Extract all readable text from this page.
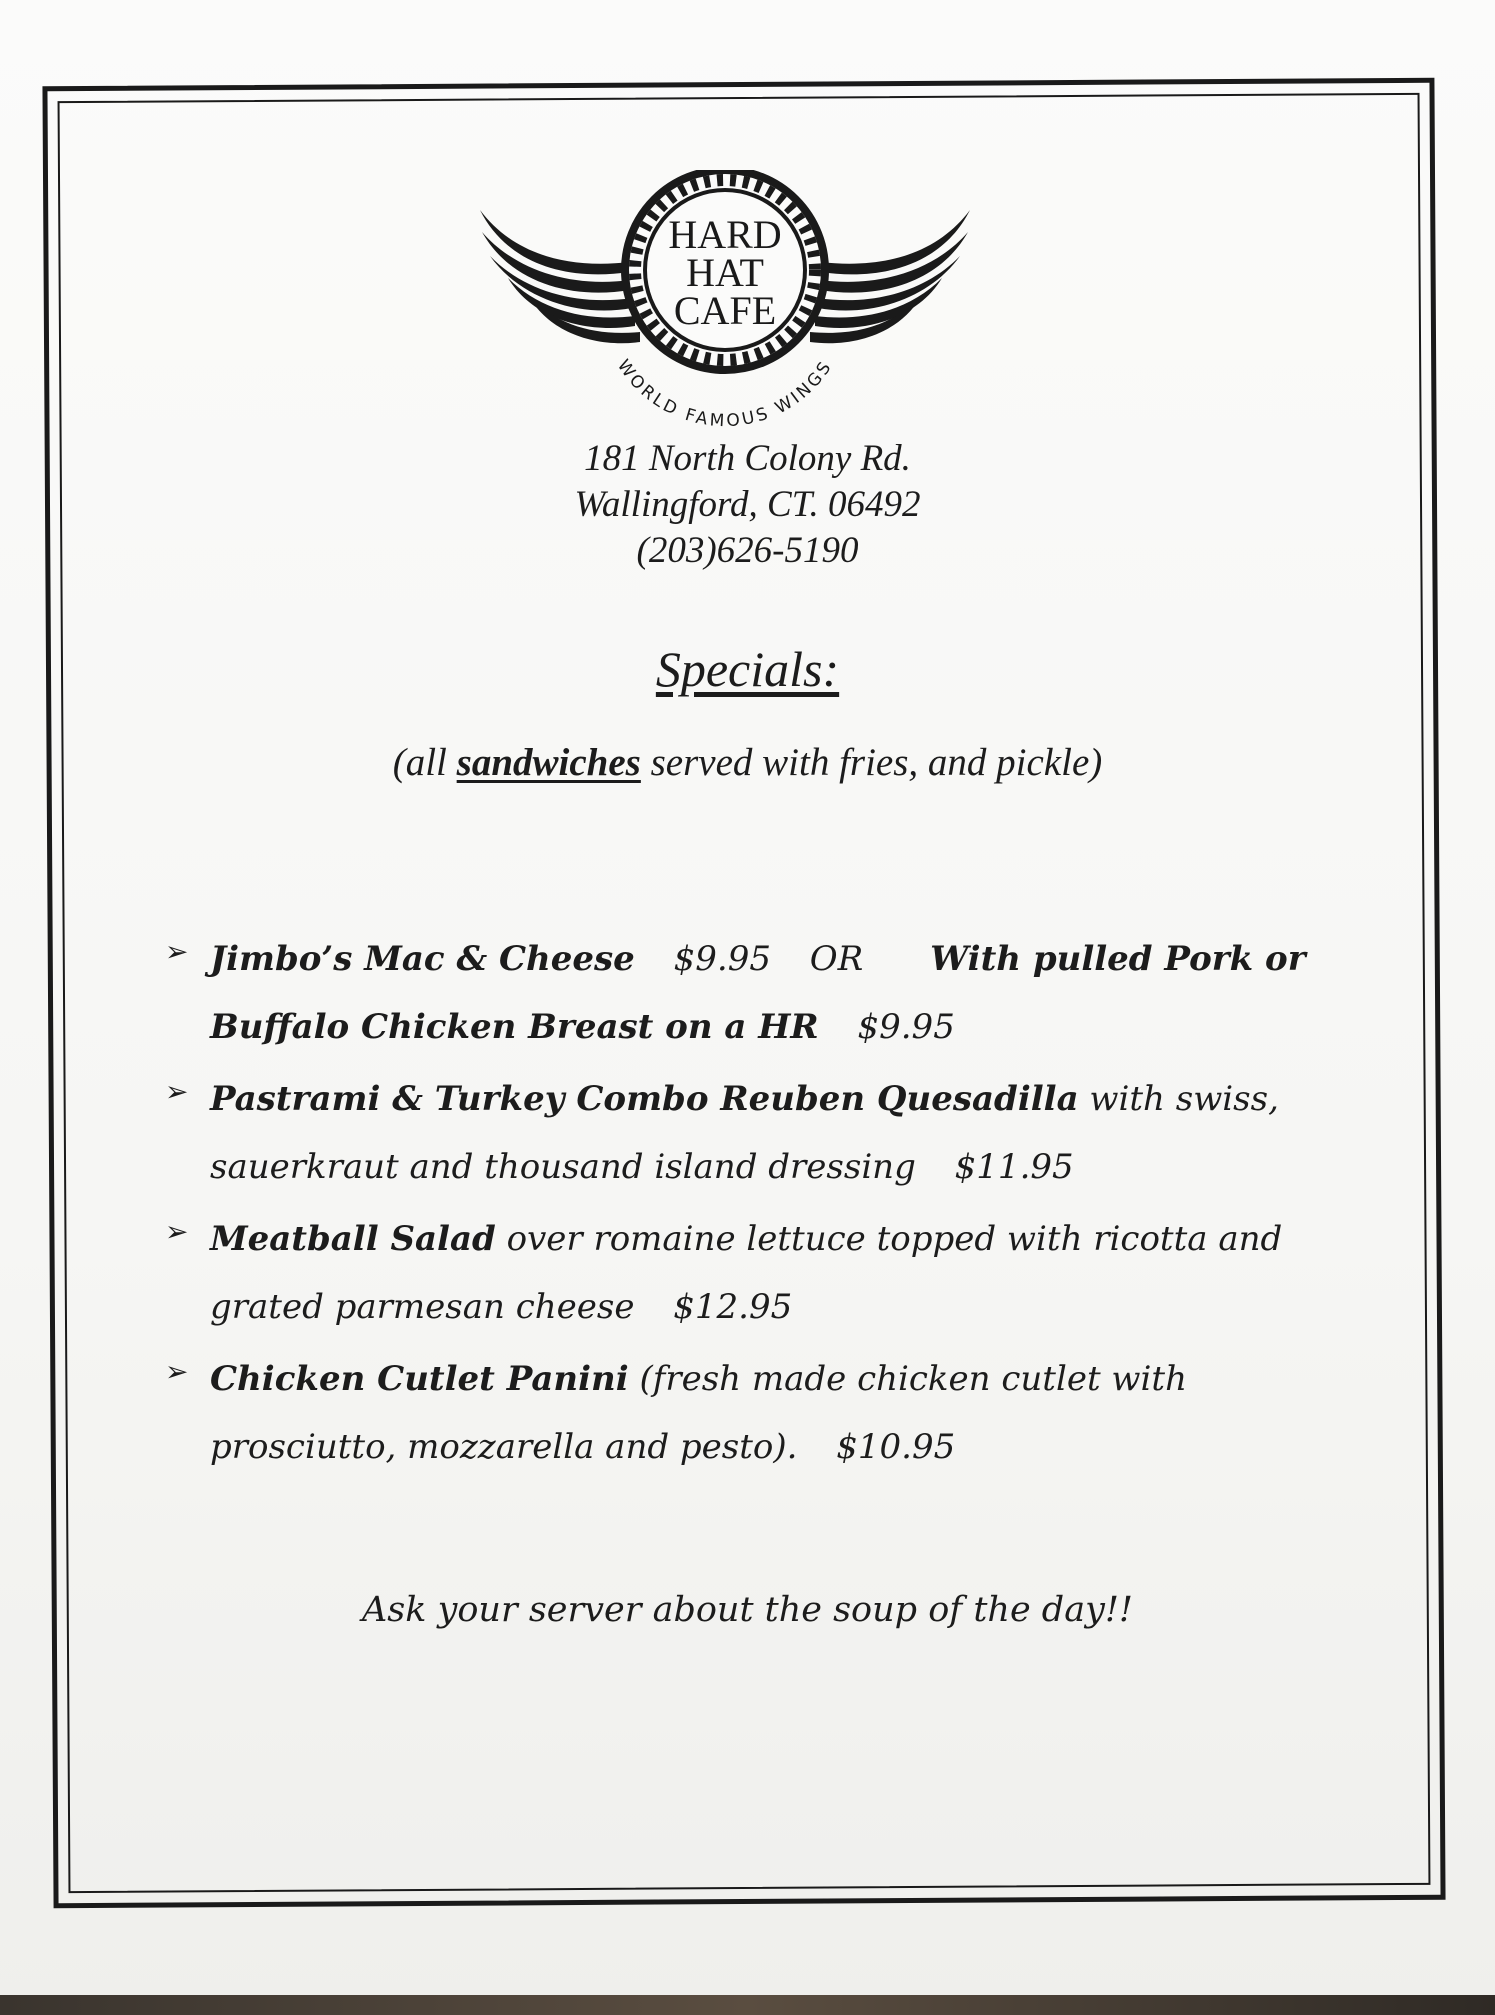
HARD
HAT
CAFE
WORLD FAMOUS WINGS
181 North Colony Rd.
Wallingford, CT. 06492
(203)626-5190
Specials:
(all sandwiches served with fries, and pickle)
➢ Jimbo’s Mac & Cheese $9.95 OR With pulled Pork or
Buffalo Chicken Breast on a HR $9.95
➢ Pastrami & Turkey Combo Reuben Quesadilla with swiss,
sauerkraut and thousand island dressing $11.95
➢ Meatball Salad over romaine lettuce topped with ricotta and
grated parmesan cheese $12.95
➢ Chicken Cutlet Panini (fresh made chicken cutlet with
prosciutto, mozzarella and pesto). $10.95
Ask your server about the soup of the day!!
